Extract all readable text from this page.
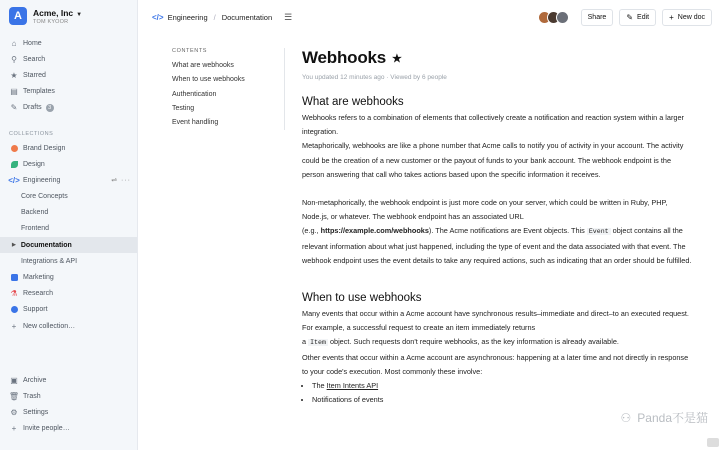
A	Acme, Inc ▼
TOM KYOOR
⌂ Home
⚲ Search
★ Starred
▤ Templates
✎ Drafts	3
COLLECTIONS
Brand Design
Design
</> Engineering	⇌ ···
Core Concepts
Backend
Frontend
▶ Documentation
Integrations & API
Marketing
⚗ Research
Support
+ New collection…
▣ Archive
🗑 Trash
⚙ Settings
+ Invite people…
</> Engineering / Documentation ☰	Share	✎ Edit	+ New doc
CONTENTS
What are webhooks
When to use webhooks
Authentication
Testing
Event handling
Webhooks ★
You updated 12 minutes ago · Viewed by 6 people
What are webhooks
Webhooks refers to a combination of elements that collectively create a notification and reaction system within a larger integration.
Metaphorically, webhooks are like a phone number that Acme calls to notify you of activity in your account. The activity could be the creation of a new customer or the payout of funds to your bank account. The webhook endpoint is the person answering that call who takes actions based upon the specific information it receives.
Non-metaphorically, the webhook endpoint is just more code on your server, which could be written in Ruby, PHP, Node.js, or whatever. The webhook endpoint has an associated URL
(e.g., https://example.com/webhooks). The Acme notifications are Event objects. This Event object contains all the relevant information about what just happened, including the type of event and the data associated with that event. The webhook endpoint uses the event details to take any required actions, such as indicating that an order should be fulfilled.
When to use webhooks
Many events that occur within a Acme account have synchronous results–immediate and direct–to an executed request. For example, a successful request to create an item immediately returns
a Item object. Such requests don't require webhooks, as the key information is already available.
Other events that occur within a Acme account are asynchronous: happening at a later time and not directly in response to your code's execution. Most commonly these involve:
• The Item Intents API
• Notifications of events
⚇ Panda不是猫
